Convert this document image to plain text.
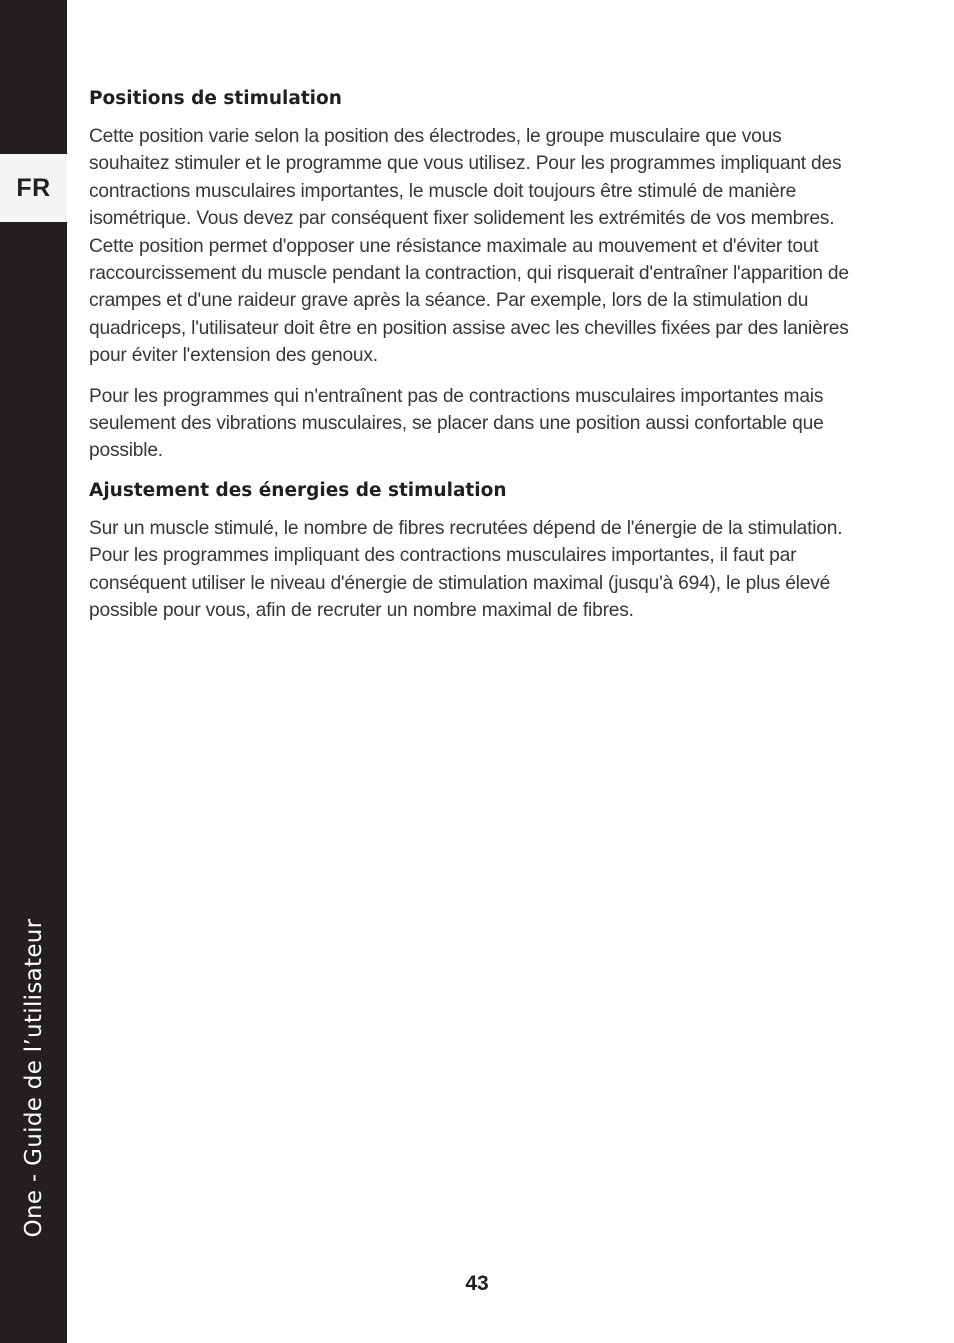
FR
One - Guide de l’utilisateur
Positions de stimulation

Cette position varie selon la position des électrodes, le groupe musculaire que vous souhaitez stimuler et le programme que vous utilisez. Pour les programmes impliquant des contractions musculaires importantes, le muscle doit toujours être stimulé de manière isométrique. Vous devez par conséquent fixer solidement les extrémités de vos membres. Cette position permet d'opposer une résistance maximale au mouvement et d'éviter tout raccourcissement du muscle pendant la contraction, qui risquerait d'entraîner l'apparition de crampes et d'une raideur grave après la séance. Par exemple, lors de la stimulation du quadriceps, l'utilisateur doit être en position assise avec les chevilles fixées par des lanières pour éviter l'extension des genoux.

Pour les programmes qui n'entraînent pas de contractions musculaires importantes mais seulement des vibrations musculaires, se placer dans une position aussi confortable que possible.

Ajustement des énergies de stimulation

Sur un muscle stimulé, le nombre de fibres recrutées dépend de l'énergie de la stimulation. Pour les programmes impliquant des contractions musculaires importantes, il faut par conséquent utiliser le niveau d'énergie de stimulation maximal (jusqu'à 694), le plus élevé possible pour vous, afin de recruter un nombre maximal de fibres.

43
